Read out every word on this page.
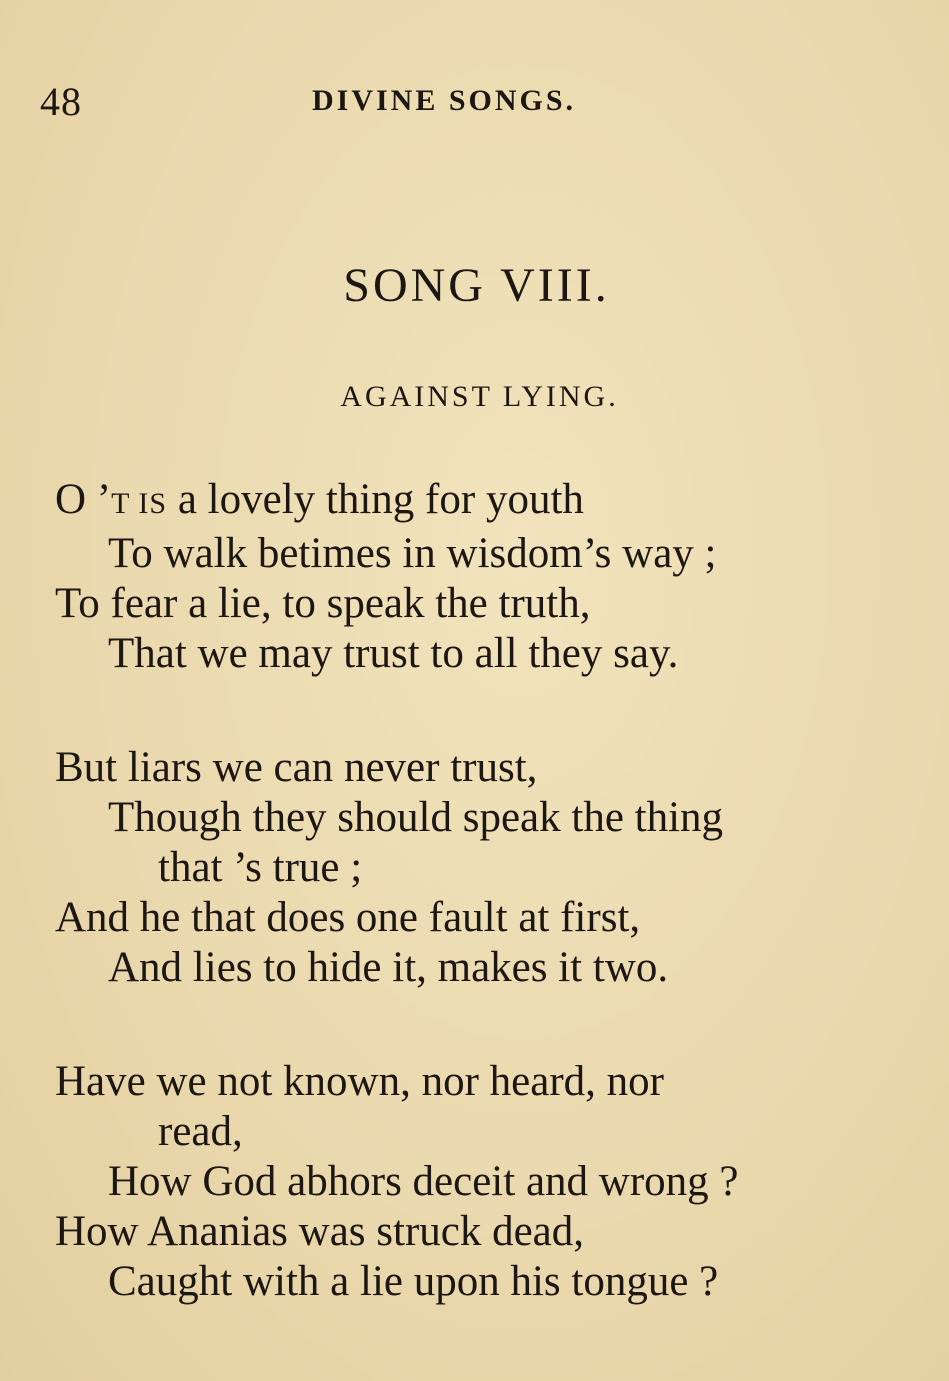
48	DIVINE SONGS.
SONG VIII.
AGAINST LYING.
O ’T IS a lovely thing for youth
To walk betimes in wisdom’s way ;
To fear a lie, to speak the truth,
That we may trust to all they say.
But liars we can never trust,
Though they should speak the thing
that ’s true ;
And he that does one fault at first,
And lies to hide it, makes it two.
Have we not known, nor heard, nor
read,
How God abhors deceit and wrong ?
How Ananias was struck dead,
Caught with a lie upon his tongue ?
